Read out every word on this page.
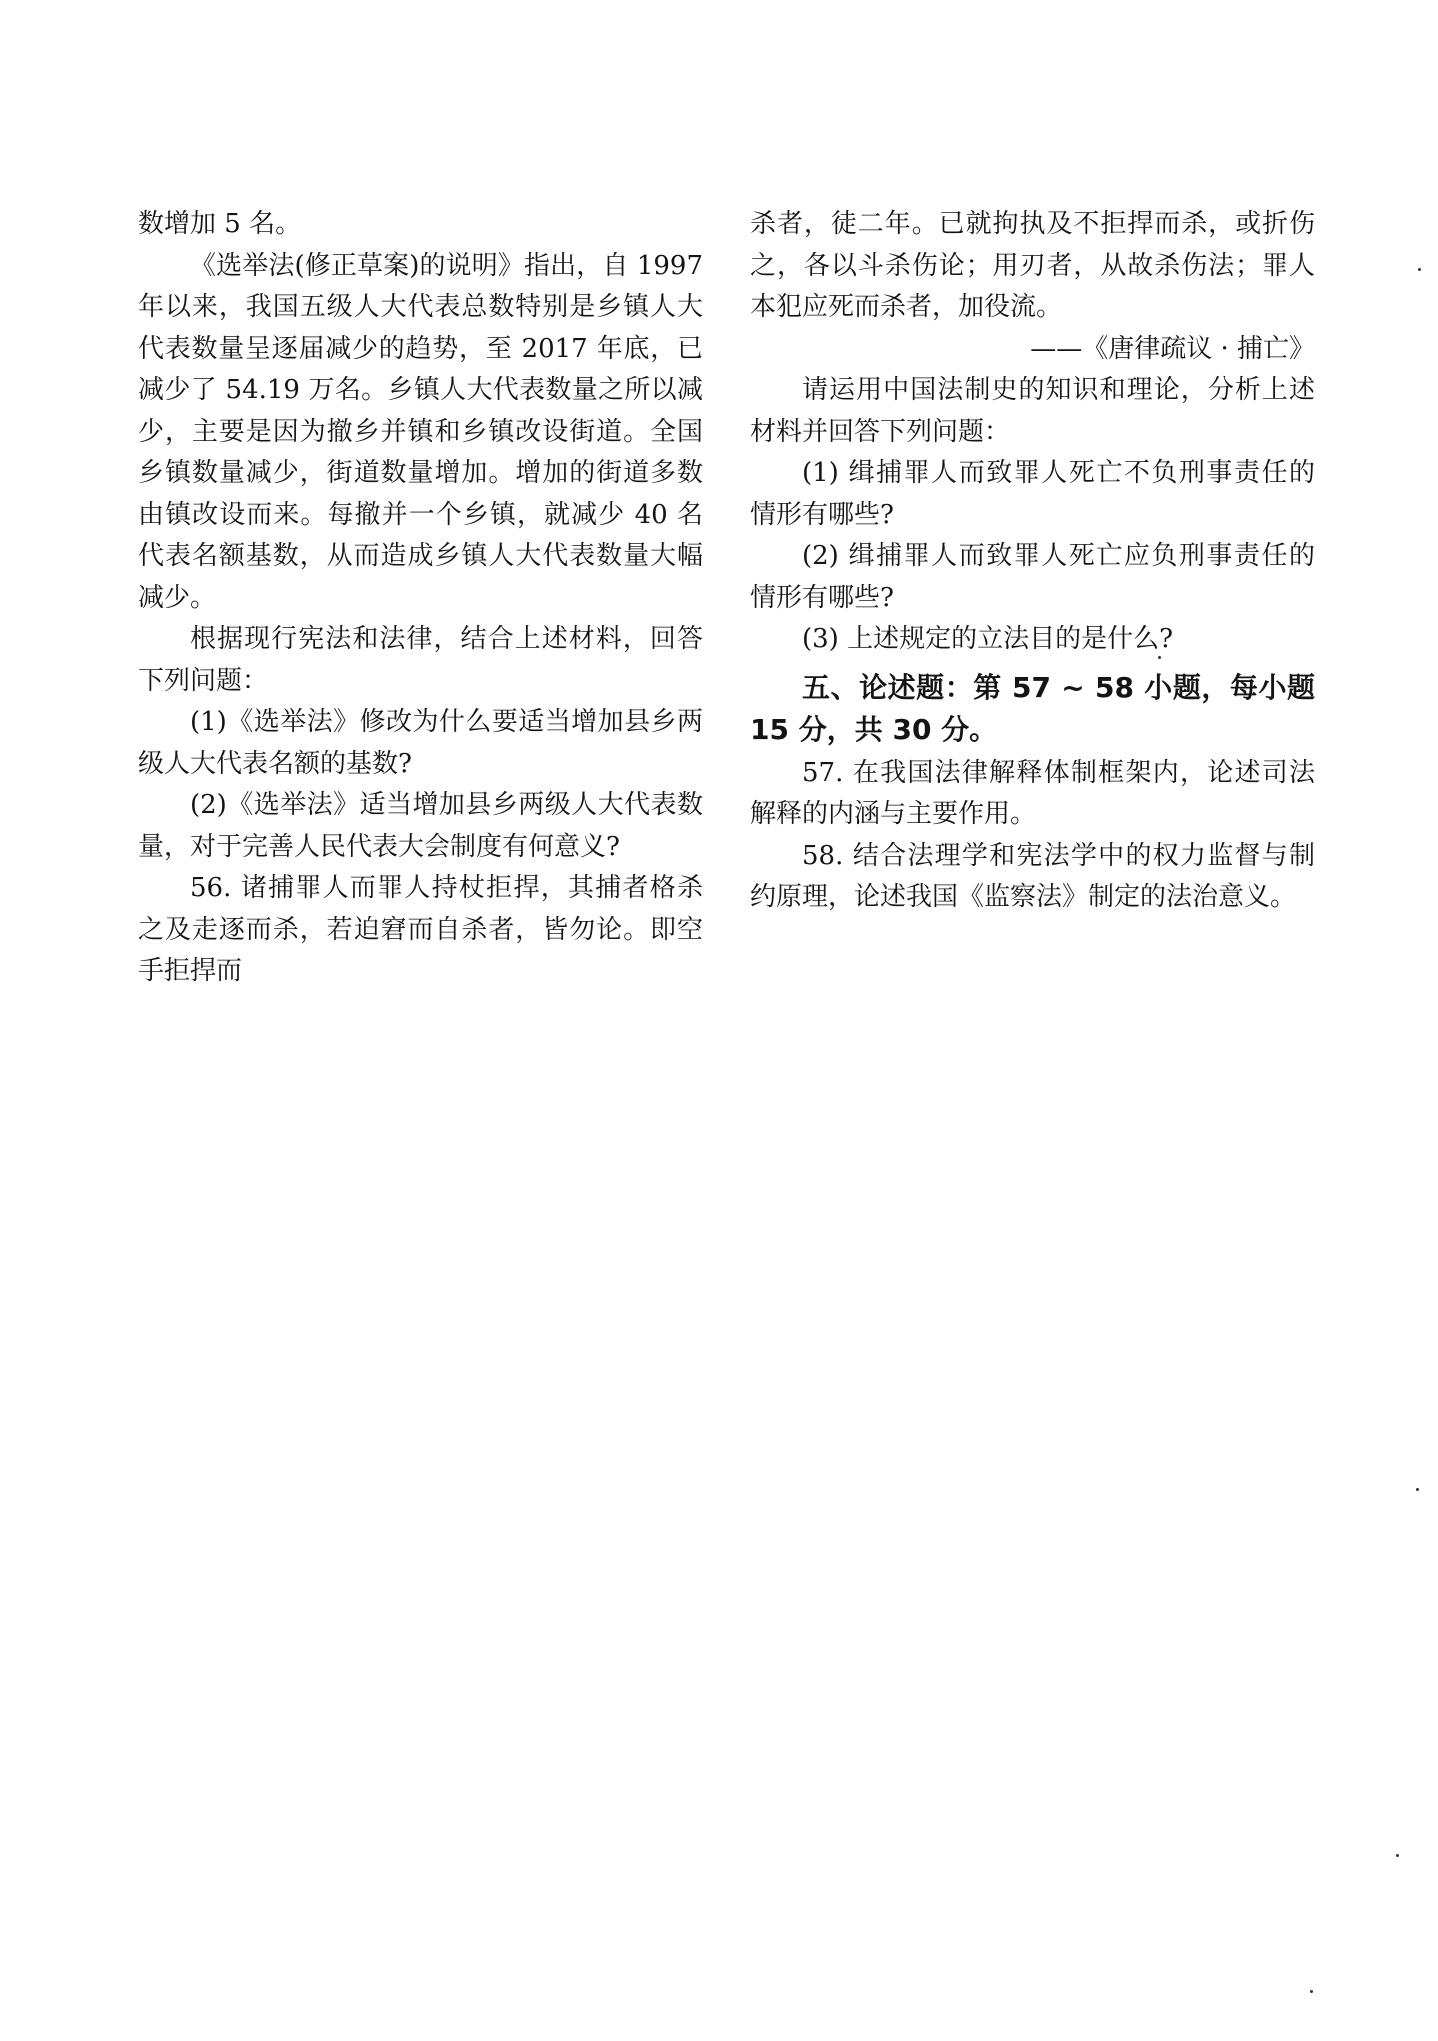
数增加 5 名。

《选举法(修正草案)的说明》指出，自 1997 年以来，我国五级人大代表总数特别是乡镇人大代表数量呈逐届减少的趋势，至 2017 年底，已减少了 54.19 万名。乡镇人大代表数量之所以减少，主要是因为撤乡并镇和乡镇改设街道。全国乡镇数量减少，街道数量增加。增加的街道多数由镇改设而来。每撤并一个乡镇，就减少 40 名代表名额基数，从而造成乡镇人大代表数量大幅减少。

根据现行宪法和法律，结合上述材料，回答下列问题：

(1)《选举法》修改为什么要适当增加县乡两级人大代表名额的基数?

(2)《选举法》适当增加县乡两级人大代表数量，对于完善人民代表大会制度有何意义?

56. 诸捕罪人而罪人持杖拒捍，其捕者格杀之及走逐而杀，若迫窘而自杀者，皆勿论。即空手拒捍而

杀者，徒二年。已就拘执及不拒捍而杀，或折伤之，各以斗杀伤论；用刃者，从故杀伤法；罪人本犯应死而杀者，加役流。

——《唐律疏议 · 捕亡》

请运用中国法制史的知识和理论，分析上述材料并回答下列问题：

(1) 缉捕罪人而致罪人死亡不负刑事责任的情形有哪些?

(2) 缉捕罪人而致罪人死亡应负刑事责任的情形有哪些?

(3) 上述规定的立法目的是什么?

五、论述题：第 57 ~ 58 小题，每小题 15 分，共 30 分。

57. 在我国法律解释体制框架内，论述司法解释的内涵与主要作用。

58. 结合法理学和宪法学中的权力监督与制约原理，论述我国《监察法》制定的法治意义。
